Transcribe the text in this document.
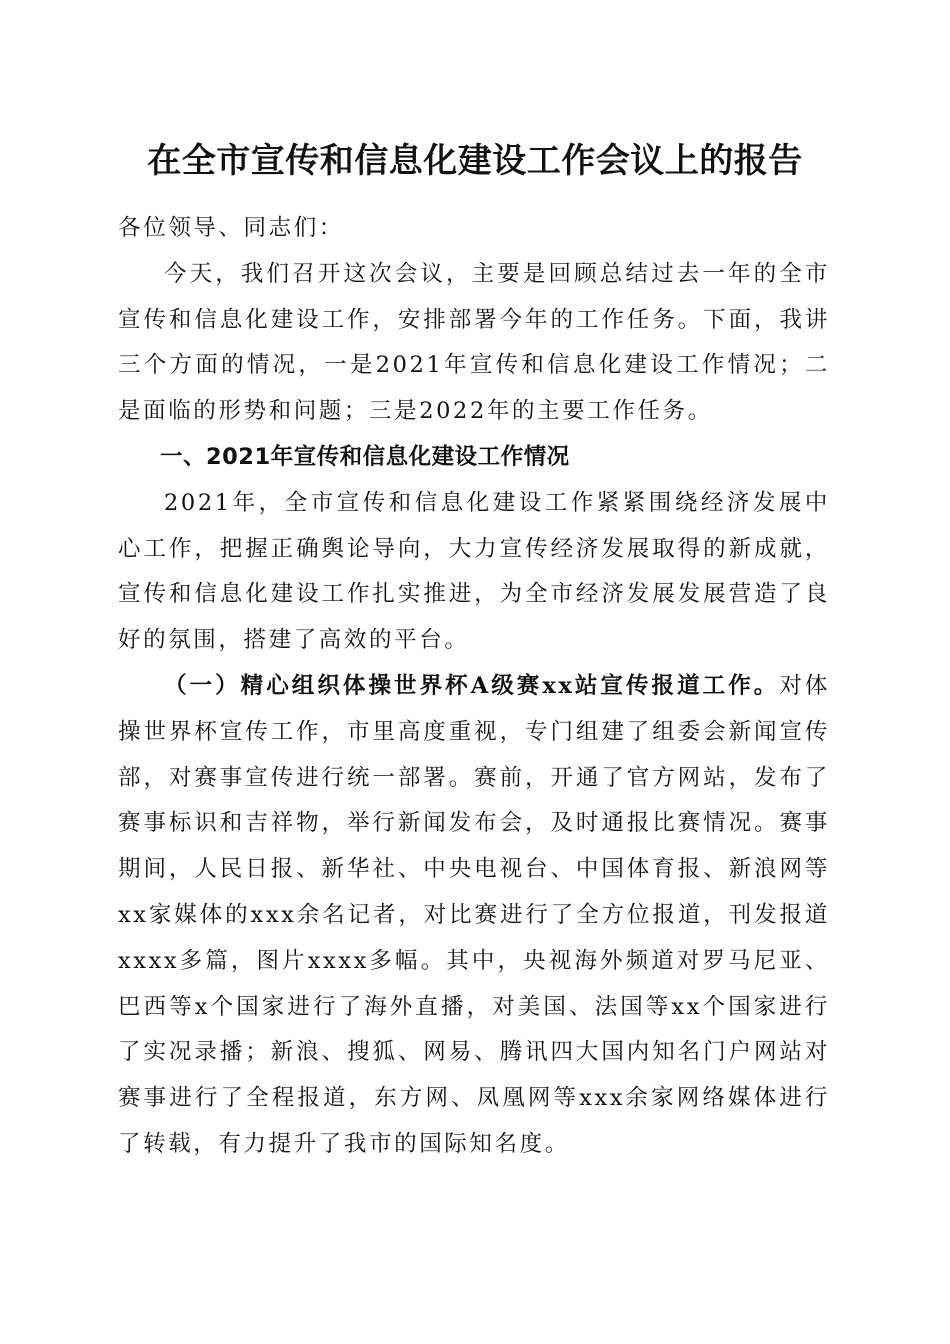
在全市宣传和信息化建设工作会议上的报告

各位领导、同志们：

今天，我们召开这次会议，主要是回顾总结过去一年的全市宣传和信息化建设工作，安排部署今年的工作任务。下面，我讲三个方面的情况，一是2021年宣传和信息化建设工作情况；二是面临的形势和问题；三是2022年的主要工作任务。

一、2021年宣传和信息化建设工作情况

2021年，全市宣传和信息化建设工作紧紧围绕经济发展中心工作，把握正确舆论导向，大力宣传经济发展取得的新成就，宣传和信息化建设工作扎实推进，为全市经济发展发展营造了良好的氛围，搭建了高效的平台。

（一）精心组织体操世界杯A级赛xx站宣传报道工作。对体操世界杯宣传工作，市里高度重视，专门组建了组委会新闻宣传部，对赛事宣传进行统一部署。赛前，开通了官方网站，发布了赛事标识和吉祥物，举行新闻发布会，及时通报比赛情况。赛事期间，人民日报、新华社、中央电视台、中国体育报、新浪网等xx家媒体的xxx余名记者，对比赛进行了全方位报道，刊发报道xxxx多篇，图片xxxx多幅。其中，央视海外频道对罗马尼亚、巴西等x个国家进行了海外直播，对美国、法国等xx个国家进行了实况录播；新浪、搜狐、网易、腾讯四大国内知名门户网站对赛事进行了全程报道，东方网、凤凰网等xxx余家网络媒体进行了转载，有力提升了我市的国际知名度。
